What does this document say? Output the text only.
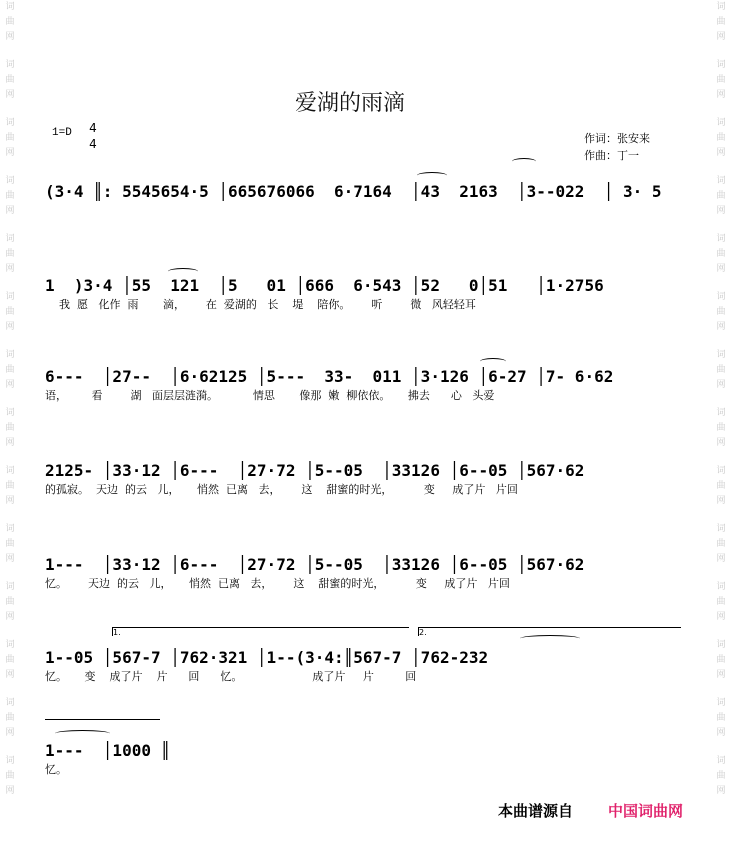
词
曲
网
词
曲
网
词
曲
网
词
曲
网
词
曲
网
词
曲
网
词
曲
网
词
曲
网
词
曲
网
词
曲
网
词
曲
网
词
曲
网
词
曲
网
词
曲
网
词
曲
网
词
曲
网
词
曲
网
词
曲
网
词
曲
网
词
曲
网
词
曲
网
词
曲
网
词
曲
网
词
曲
网
词
曲
网
词
曲
网
词
曲
网
词
曲
网
爱湖的雨滴
1=D 4
4	作词：张安来
作曲：丁一
(3·4 ║: 5545654·5 │665676066  6·7164  │43  2163  │3--022  │ 3· 5
1  )3·4 │55  121  │5   01 │666  6·543 │52   0│51   │1·2756
我  愿   化作  雨       滴，      在  爱湖的   长    堤    陪你。      听        微   风轻轻耳
6---  │27--  │6·62125 │5---  33-  011 │3·126 │6-27 │7- 6·62
语，       看        湖   面层层涟漪。          情思       像那  嫩  柳依依。     拂去      心   头爱
2125- │33·12 │6---  │27·72 │5--05  │33126 │6--05 │567·62
的孤寂。  天边  的云   儿，     悄然  已离   去，      这    甜蜜的时光，         变     成了片   片回
1---  │33·12 │6---  │27·72 │5--05  │33126 │6--05 │567·62
忆。      天边  的云   儿，     悄然  已离   去，      这    甜蜜的时光，         变     成了片   片回
1.	2.
1--05 │567-7 │762·321 │1--(3·4:║567-7 │762-232
忆。     变    成了片    片      回      忆。                    成了片     片         回
1---  │1000 ║
忆。
本曲谱源自 中国词曲网
